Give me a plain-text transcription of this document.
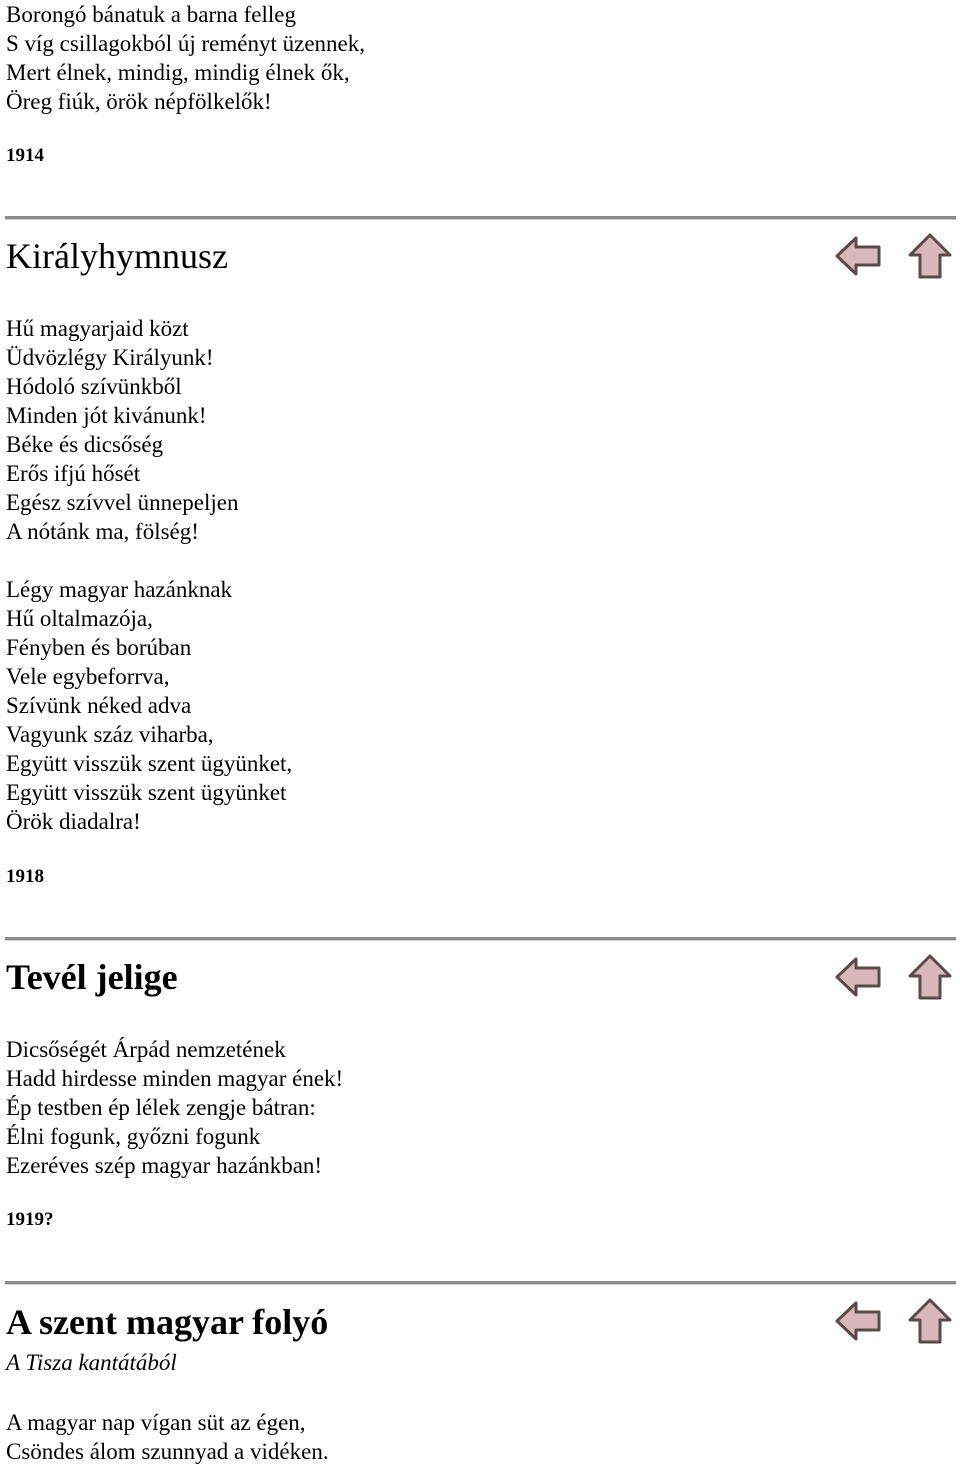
Borongó bánatuk a barna felleg
S víg csillagokból új reményt üzennek,
Mert élnek, mindig, mindig élnek ők,
Öreg fiúk, örök népfölkelők!
1914
Királyhymnusz
Hű magyarjaid közt
Üdvözlégy Királyunk!
Hódoló szívünkből
Minden jót kivánunk!
Béke és dicsőség
Erős ifjú hősét
Egész szívvel ünnepeljen
A nótánk ma, fölség!
Légy magyar hazánknak
Hű oltalmazója,
Fényben és borúban
Vele egybeforrva,
Szívünk néked adva
Vagyunk száz viharba,
Együtt visszük szent ügyünket,
Együtt visszük szent ügyünket
Örök diadalra!
1918
Tevél jelige
Dicsőségét Árpád nemzetének
Hadd hirdesse minden magyar ének!
Ép testben ép lélek zengje bátran:
Élni fogunk, győzni fogunk
Ezeréves szép magyar hazánkban!
1919?
A szent magyar folyó
A Tisza kantátából
A magyar nap vígan süt az égen,
Csöndes álom szunnyad a vidéken.
